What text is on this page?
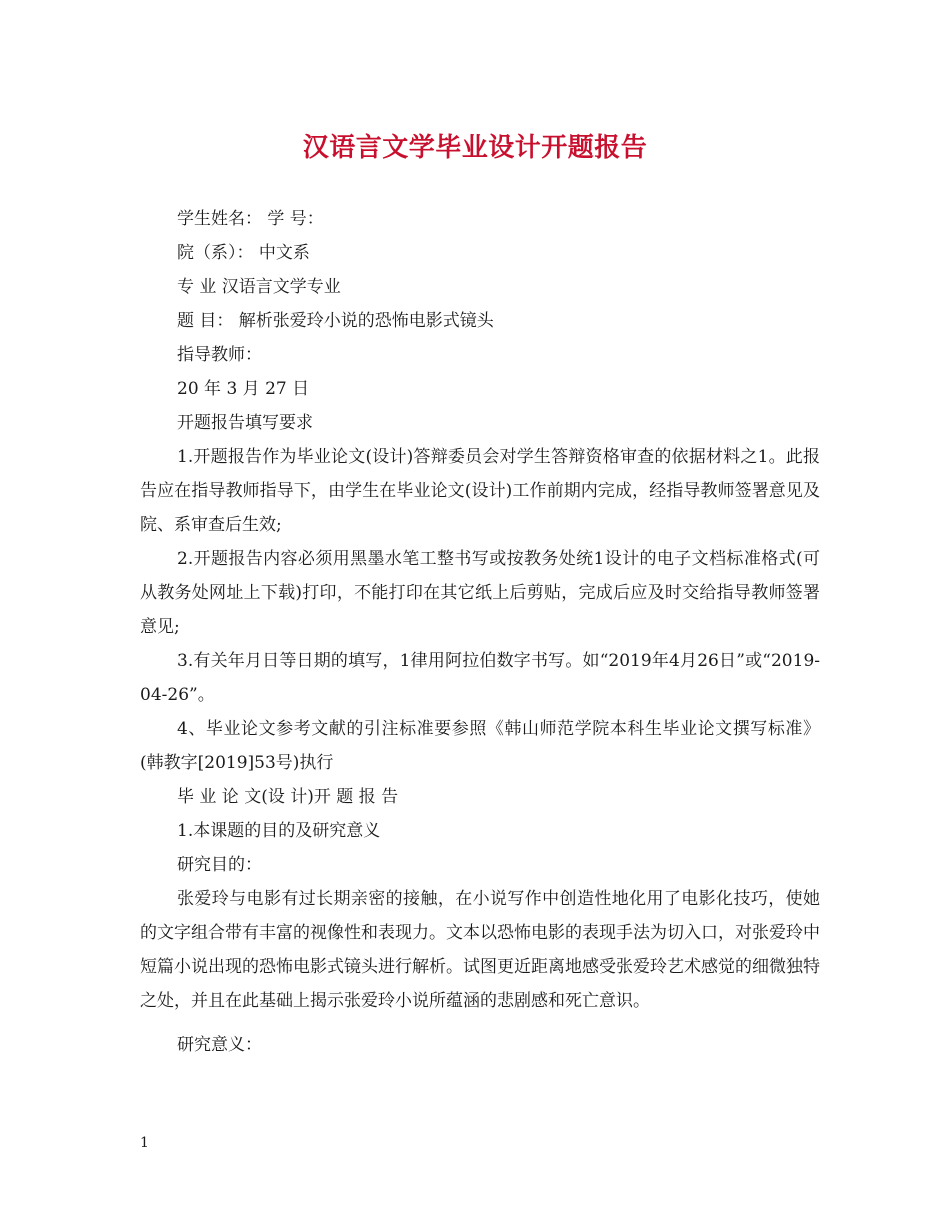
汉语言文学毕业设计开题报告

学生姓名： 学 号：

院（系）： 中文系

专 业 汉语言文学专业

题 目： 解析张爱玲小说的恐怖电影式镜头

指导教师：

20 年 3 月 27 日

开题报告填写要求

1.开题报告作为毕业论文(设计)答辩委员会对学生答辩资格审查的依据材料之1。此报告应在指导教师指导下，由学生在毕业论文(设计)工作前期内完成，经指导教师签署意见及院、系审查后生效;

2.开题报告内容必须用黑墨水笔工整书写或按教务处统1设计的电子文档标准格式(可从教务处网址上下载)打印，不能打印在其它纸上后剪贴，完成后应及时交给指导教师签署意见;

3.有关年月日等日期的填写，1律用阿拉伯数字书写。如“2019年4月26日”或“2019-04-26”。

4、毕业论文参考文献的引注标准要参照《韩山师范学院本科生毕业论文撰写标准》(韩教字[2019]53号)执行

毕 业 论 文(设 计)开 题 报 告

1.本课题的目的及研究意义

研究目的：

张爱玲与电影有过长期亲密的接触，在小说写作中创造性地化用了电影化技巧，使她的文字组合带有丰富的视像性和表现力。文本以恐怖电影的表现手法为切入口，对张爱玲中短篇小说出现的恐怖电影式镜头进行解析。试图更近距离地感受张爱玲艺术感觉的细微独特之处，并且在此基础上揭示张爱玲小说所蕴涵的悲剧感和死亡意识。

研究意义：

1
